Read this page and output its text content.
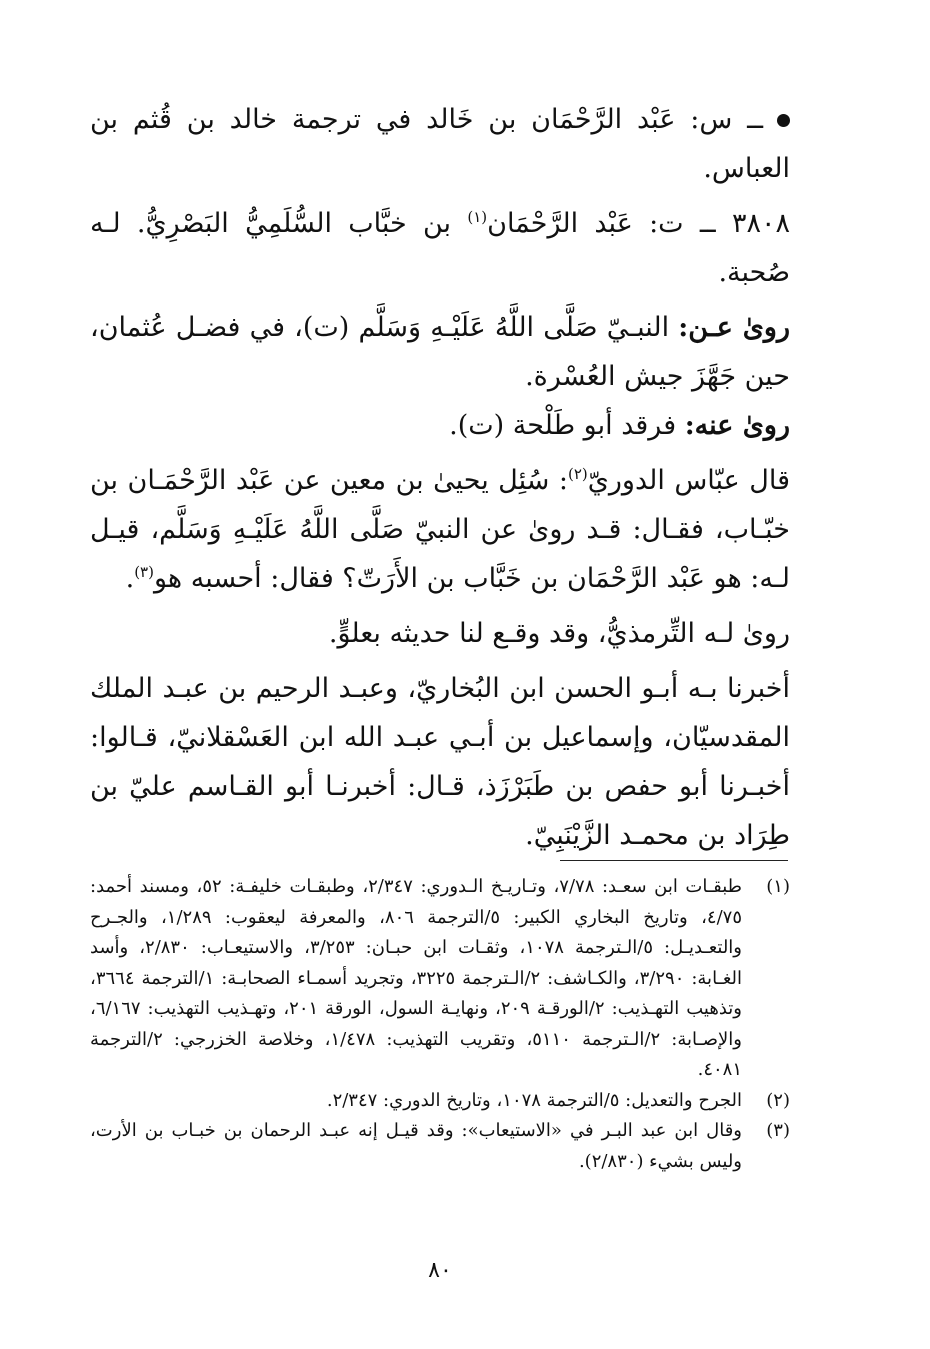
ــ س: عَبْد الرَّحْمَان بن خَالد في ترجمة خالد بن قُثم بن العباس.

٣٨٠٨ ــ ت: عَبْد الرَّحْمَان$^{(١)}$ بن خبَّاب السُّلَمِيُّ البَصْرِيُّ. لـه صُحبة.

روىٰ عـن: النبـيّ صَلَّى اللَّهُ عَلَيْـهِ وَسَلَّم (ت)، في فضـل عُثمان، حين جَهَّزَ جيش العُسْرة.
روىٰ عنه: فرقد أبو طَلْحة (ت).

قال عبّاس الدوريّ$^{(٢)}$: سُئِل يحيىٰ بن معين عن عَبْد الرَّحْمَـان بن خبّـاب، فقـال: قـد روىٰ عن النبيّ صَلَّى اللَّهُ عَلَيْـهِ وَسَلَّم، قيـل لـه: هو عَبْد الرَّحْمَان بن خَبَّاب بن الأَرَتّ؟ فقال: أحسبه هو$^{(٣)}$.

روىٰ لـه التِّرمذيُّ، وقد وقـع لنا حديثه بعلوٍّ.

أخبرنا بـه أبـو الحسن ابن البُخاريّ، وعبـد الرحيم بن عبـد الملك المقدسيّان، وإسماعيل بن أبـي عبـد الله ابن العَسْقلانيّ، قـالوا: أخبـرنا أبو حفص بن طَبَرْزَذ، قـال: أخبرنـا أبو القـاسم عليّ بن طِرَاد بن محمـد الزَّيْنَبِيّ.

(١)
طبقـات ابن سعـد: ٧/٧٨، وتـاريـخ الـدوري: ٢/٣٤٧، وطبقـات خليفـة: ٥٢، ومسند أحمد: ٤/٧٥، وتاريخ البخاري الكبير: ٥/الترجمة ٨٠٦، والمعرفة ليعقوب: ١/٢٨٩، والجـرح والتعـديـل: ٥/الـترجمة ١٠٧٨، وثقـات ابن حبـان: ٣/٢٥٣، والاستيعـاب: ٢/٨٣٠، وأسد الغـابة: ٣/٢٩٠، والكـاشف: ٢/الـترجمة ٣٢٢٥، وتجريد أسمـاء الصحابـة: ١/الترجمة ٣٦٦٤، وتذهيب التهـذيب: ٢/الورقـة ٢٠٩، ونهايـة السول، الورقة ٢٠١، وتهـذيب التهذيب: ٦/١٦٧، والإصـابة: ٢/الـترجمة ٥١١٠، وتقريب التهذيب: ١/٤٧٨، وخلاصة الخزرجي: ٢/الترجمة ٤٠٨١.

(٢)
الجرح والتعديل: ٥/الترجمة ١٠٧٨، وتاريخ الدوري: ٢/٣٤٧.

(٣)
وقال ابن عبد البـر في «الاستيعاب»: وقد قيـل إنه عبـد الرحمان بن خبـاب بن الأرت، وليس بشيء (٢/٨٣٠).

٨٠
